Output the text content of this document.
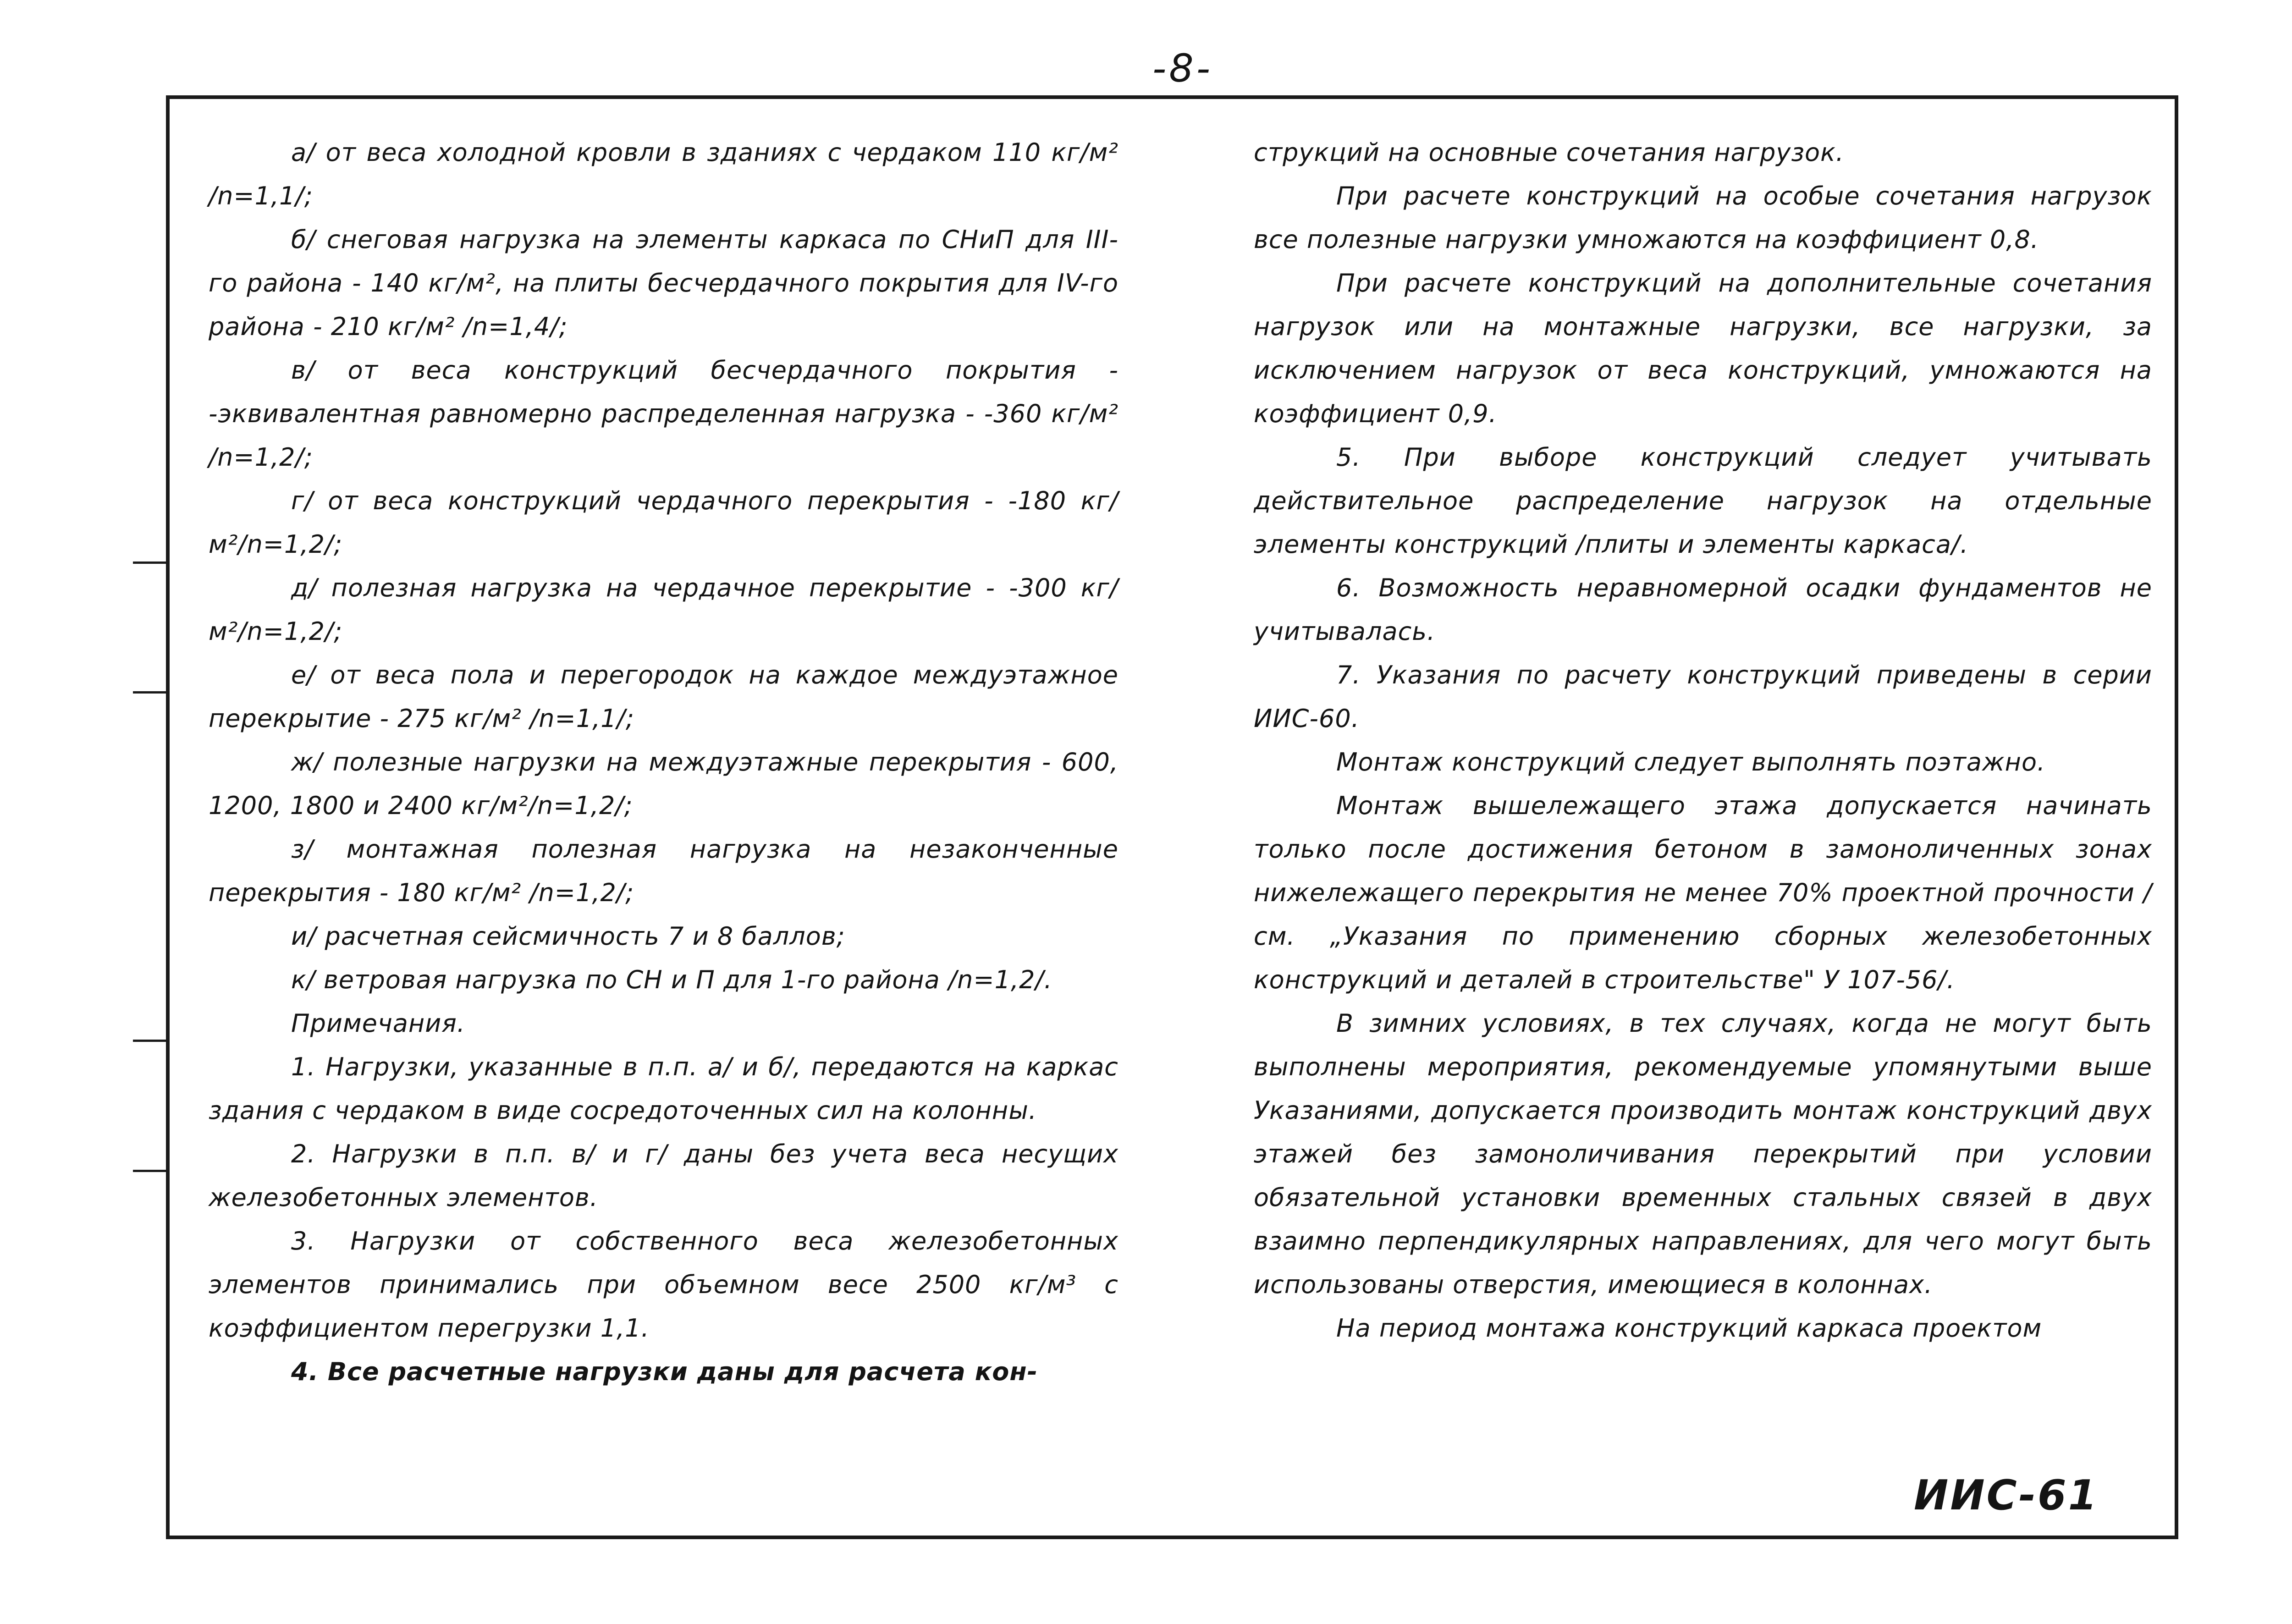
-8-

а/ от веса холодной кровли в зданиях с чердаком 110 кг/м² /n=1,1/;

б/ снеговая нагрузка на элементы каркаса по СНиП для III-го района - 140 кг/м², на плиты бесчердачного покрытия для IV-го района - 210 кг/м² /n=1,4/;

в/ от веса конструкций бесчердачного покрытия - -эквивалентная равномерно распределенная нагрузка - -360 кг/м² /n=1,2/;

г/ от веса конструкций чердачного перекрытия - -180 кг/м²/n=1,2/;

д/ полезная нагрузка на чердачное перекрытие - -300 кг/м²/n=1,2/;

е/ от веса пола и перегородок на каждое междуэтажное перекрытие - 275 кг/м² /n=1,1/;

ж/ полезные нагрузки на междуэтажные перекрытия - 600, 1200, 1800 и 2400 кг/м²/n=1,2/;

з/ монтажная полезная нагрузка на незаконченные перекрытия - 180 кг/м² /n=1,2/;

и/ расчетная сейсмичность 7 и 8 баллов;

к/ ветровая нагрузка по СН и П для 1-го района /n=1,2/.

Примечания.

1. Нагрузки, указанные в п.п. а/ и б/, передаются на каркас здания с чердаком в виде сосредоточенных сил на колонны.

2. Нагрузки в п.п. в/ и г/ даны без учета веса несущих железобетонных элементов.

3. Нагрузки от собственного веса железобетонных элементов принимались при объемном весе 2500 кг/м³ с коэффициентом перегрузки 1,1.

4. Все расчетные нагрузки даны для расчета кон-

струкций на основные сочетания нагрузок.

При расчете конструкций на особые сочетания нагрузок все полезные нагрузки умножаются на коэффициент 0,8.

При расчете конструкций на дополнительные сочетания нагрузок или на монтажные нагрузки, все нагрузки, за исключением нагрузок от веса конструкций, умножаются на коэффициент 0,9.

5. При выборе конструкций следует учитывать действительное распределение нагрузок на отдельные элементы конструкций /плиты и элементы каркаса/.

6. Возможность неравномерной осадки фундаментов не учитывалась.

7. Указания по расчету конструкций приведены в серии ИИС-60.

Монтаж конструкций следует выполнять поэтажно.

Монтаж вышележащего этажа допускается начинать только после достижения бетоном в замоноличенных зонах нижележащего перекрытия не менее 70% проектной прочности /см. „Указания по применению сборных железобетонных конструкций и деталей в строительстве" У 107-56/.

В зимних условиях, в тех случаях, когда не могут быть выполнены мероприятия, рекомендуемые упомянутыми выше Указаниями, допускается производить монтаж конструкций двух этажей без замоноличивания перекрытий при условии обязательной установки временных стальных связей в двух взаимно перпендикулярных направлениях, для чего могут быть использованы отверстия, имеющиеся в колоннах.

На период монтажа конструкций каркаса проектом

ИИС-61
